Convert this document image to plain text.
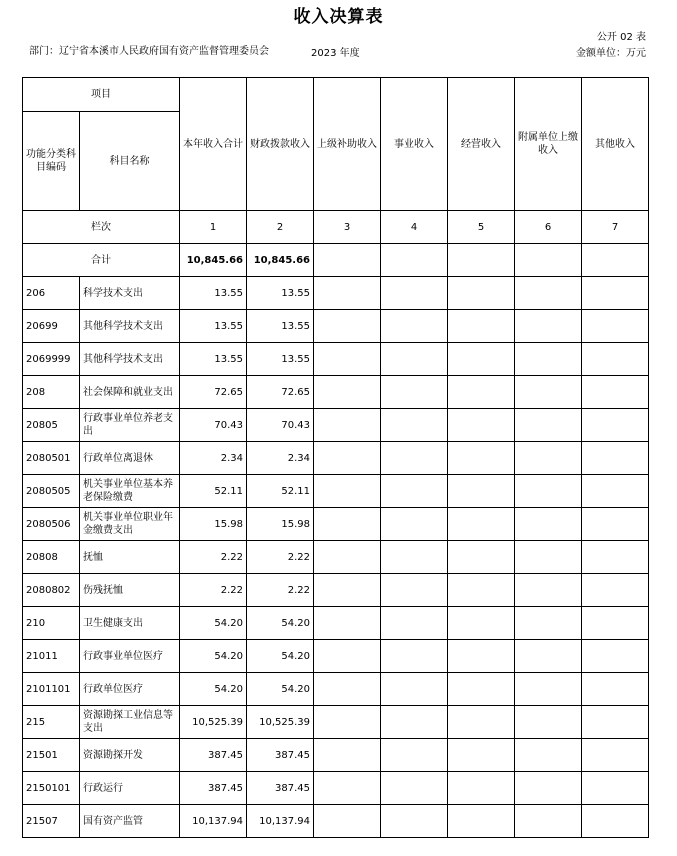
收入决算表
公开 02 表
部门：辽宁省本溪市人民政府国有资产监督管理委员会	2023 年度	金额单位：万元
项目		本年收入合计	财政拨款收入	上级补助收入	事业收入	经营收入	附属单位上缴收入	其他收入
功能分类科目编码	科目名称							
栏次		1	2	3	4	5	6	7
合计		10,845.66	10,845.66					
206	科学技术支出	13.55	13.55					
20699	其他科学技术支出	13.55	13.55					
2069999	其他科学技术支出	13.55	13.55					
208	社会保障和就业支出	72.65	72.65					
20805	行政事业单位养老支出	70.43	70.43					
2080501	行政单位离退休	2.34	2.34					
2080505	机关事业单位基本养老保险缴费	52.11	52.11					
2080506	机关事业单位职业年金缴费支出	15.98	15.98					
20808	抚恤	2.22	2.22					
2080802	伤残抚恤	2.22	2.22					
210	卫生健康支出	54.20	54.20					
21011	行政事业单位医疗	54.20	54.20					
2101101	行政单位医疗	54.20	54.20					
215	资源勘探工业信息等支出	10,525.39	10,525.39					
21501	资源勘探开发	387.45	387.45					
2150101	行政运行	387.45	387.45					
21507	国有资产监管	10,137.94	10,137.94					
